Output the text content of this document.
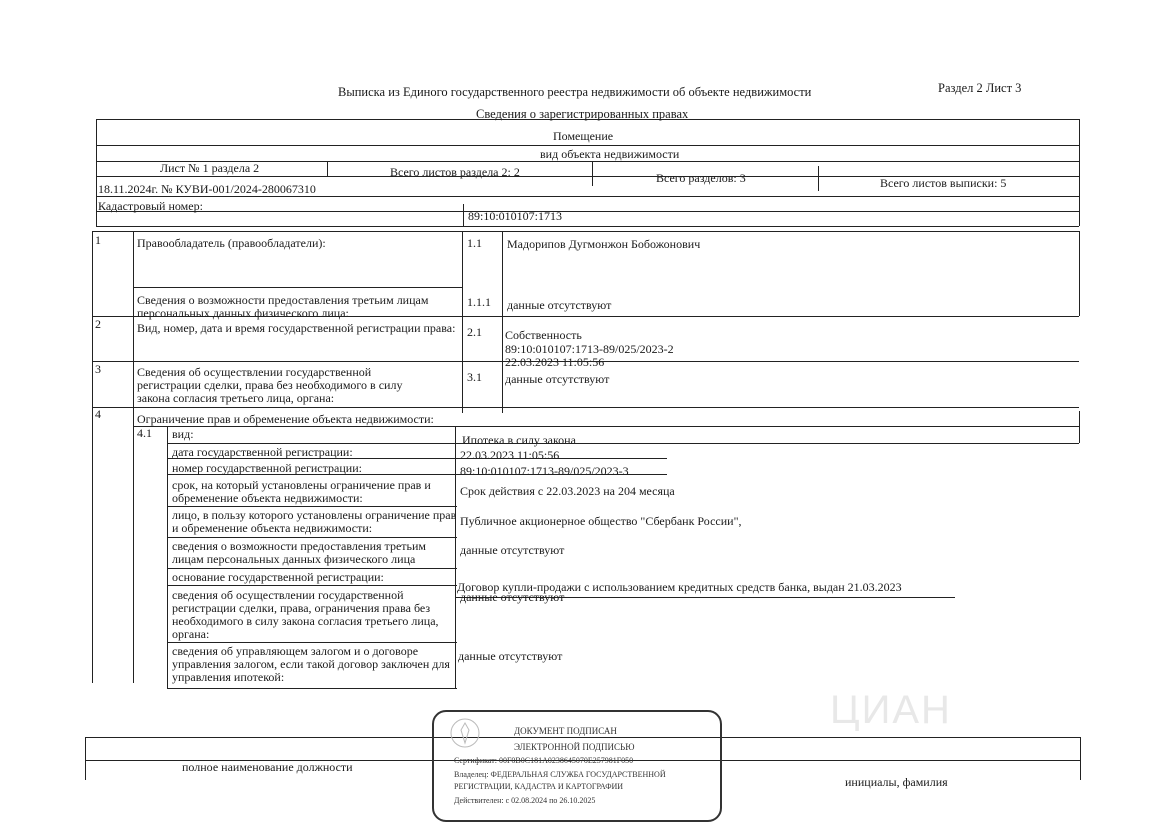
ЦИАН
Выписка из Единого государственного реестра недвижимости об объекте недвижимости	Раздел 2 Лист 3
Сведения о зарегистрированных правах
Помещение
вид объекта недвижимости
Лист № 1 раздела 2	Всего листов раздела 2: 2	Всего разделов: 3	Всего листов выписки: 5
18.11.2024г. № КУВИ-001/2024-280067310
Кадастровый номер:
89:10:010107:1713
1	Правообладатель (правообладатели):	1.1 Мадорипов Дугмонжон Бобожонович
Сведения о возможности предоставления третьим лицам персональных данных физического лица:
1.1.1 данные отсутствуют
2	Вид, номер, дата и время государственной регистрации права: 2.1 Собственность
89:10:010107:1713-89/025/2023-2
22.03.2023 11:05:56
3	Сведения об осуществлении государственной регистрации сделки, права без необходимого в силу закона согласия третьего лица, органа:
3.1 данные отсутствуют
4	Ограничение прав и обременение объекта недвижимости:
4.1 вид:	Ипотека в силу закона
дата государственной регистрации:	22.03.2023 11:05:56
номер государственной регистрации:	89:10:010107:1713-89/025/2023-3
срок, на который установлены ограничение прав и обременение объекта недвижимости:	Срок действия с 22.03.2023 на 204 месяца
лицо, в пользу которого установлены ограничение прав и обременение объекта недвижимости:	Публичное акционерное общество "Сбербанк России",
сведения о возможности предоставления третьим лицам персональных данных физического лица
данные отсутствуют
основание государственной регистрации:
Договор купли-продажи с использованием кредитных средств банка, выдан 21.03.2023
сведения об осуществлении государственной регистрации сделки, права, ограничения права без необходимого в силу закона согласия третьего лица, органа:
данные отсутствуют
сведения об управляющем залогом и о договоре управления залогом, если такой договор заключен для управления ипотекой:
данные отсутствуют
полное наименование должности
инициалы, фамилия
ДОКУМЕНТ ПОДПИСАН
ЭЛЕКТРОННОЙ ПОДПИСЬЮ
Сертификат: 00F0B0C181A0238645070E257981F050
Владелец: ФЕДЕРАЛЬНАЯ СЛУЖБА ГОСУДАРСТВЕННОЙ
РЕГИСТРАЦИИ, КАДАСТРА И КАРТОГРАФИИ
Действителен: с 02.08.2024 по 26.10.2025
